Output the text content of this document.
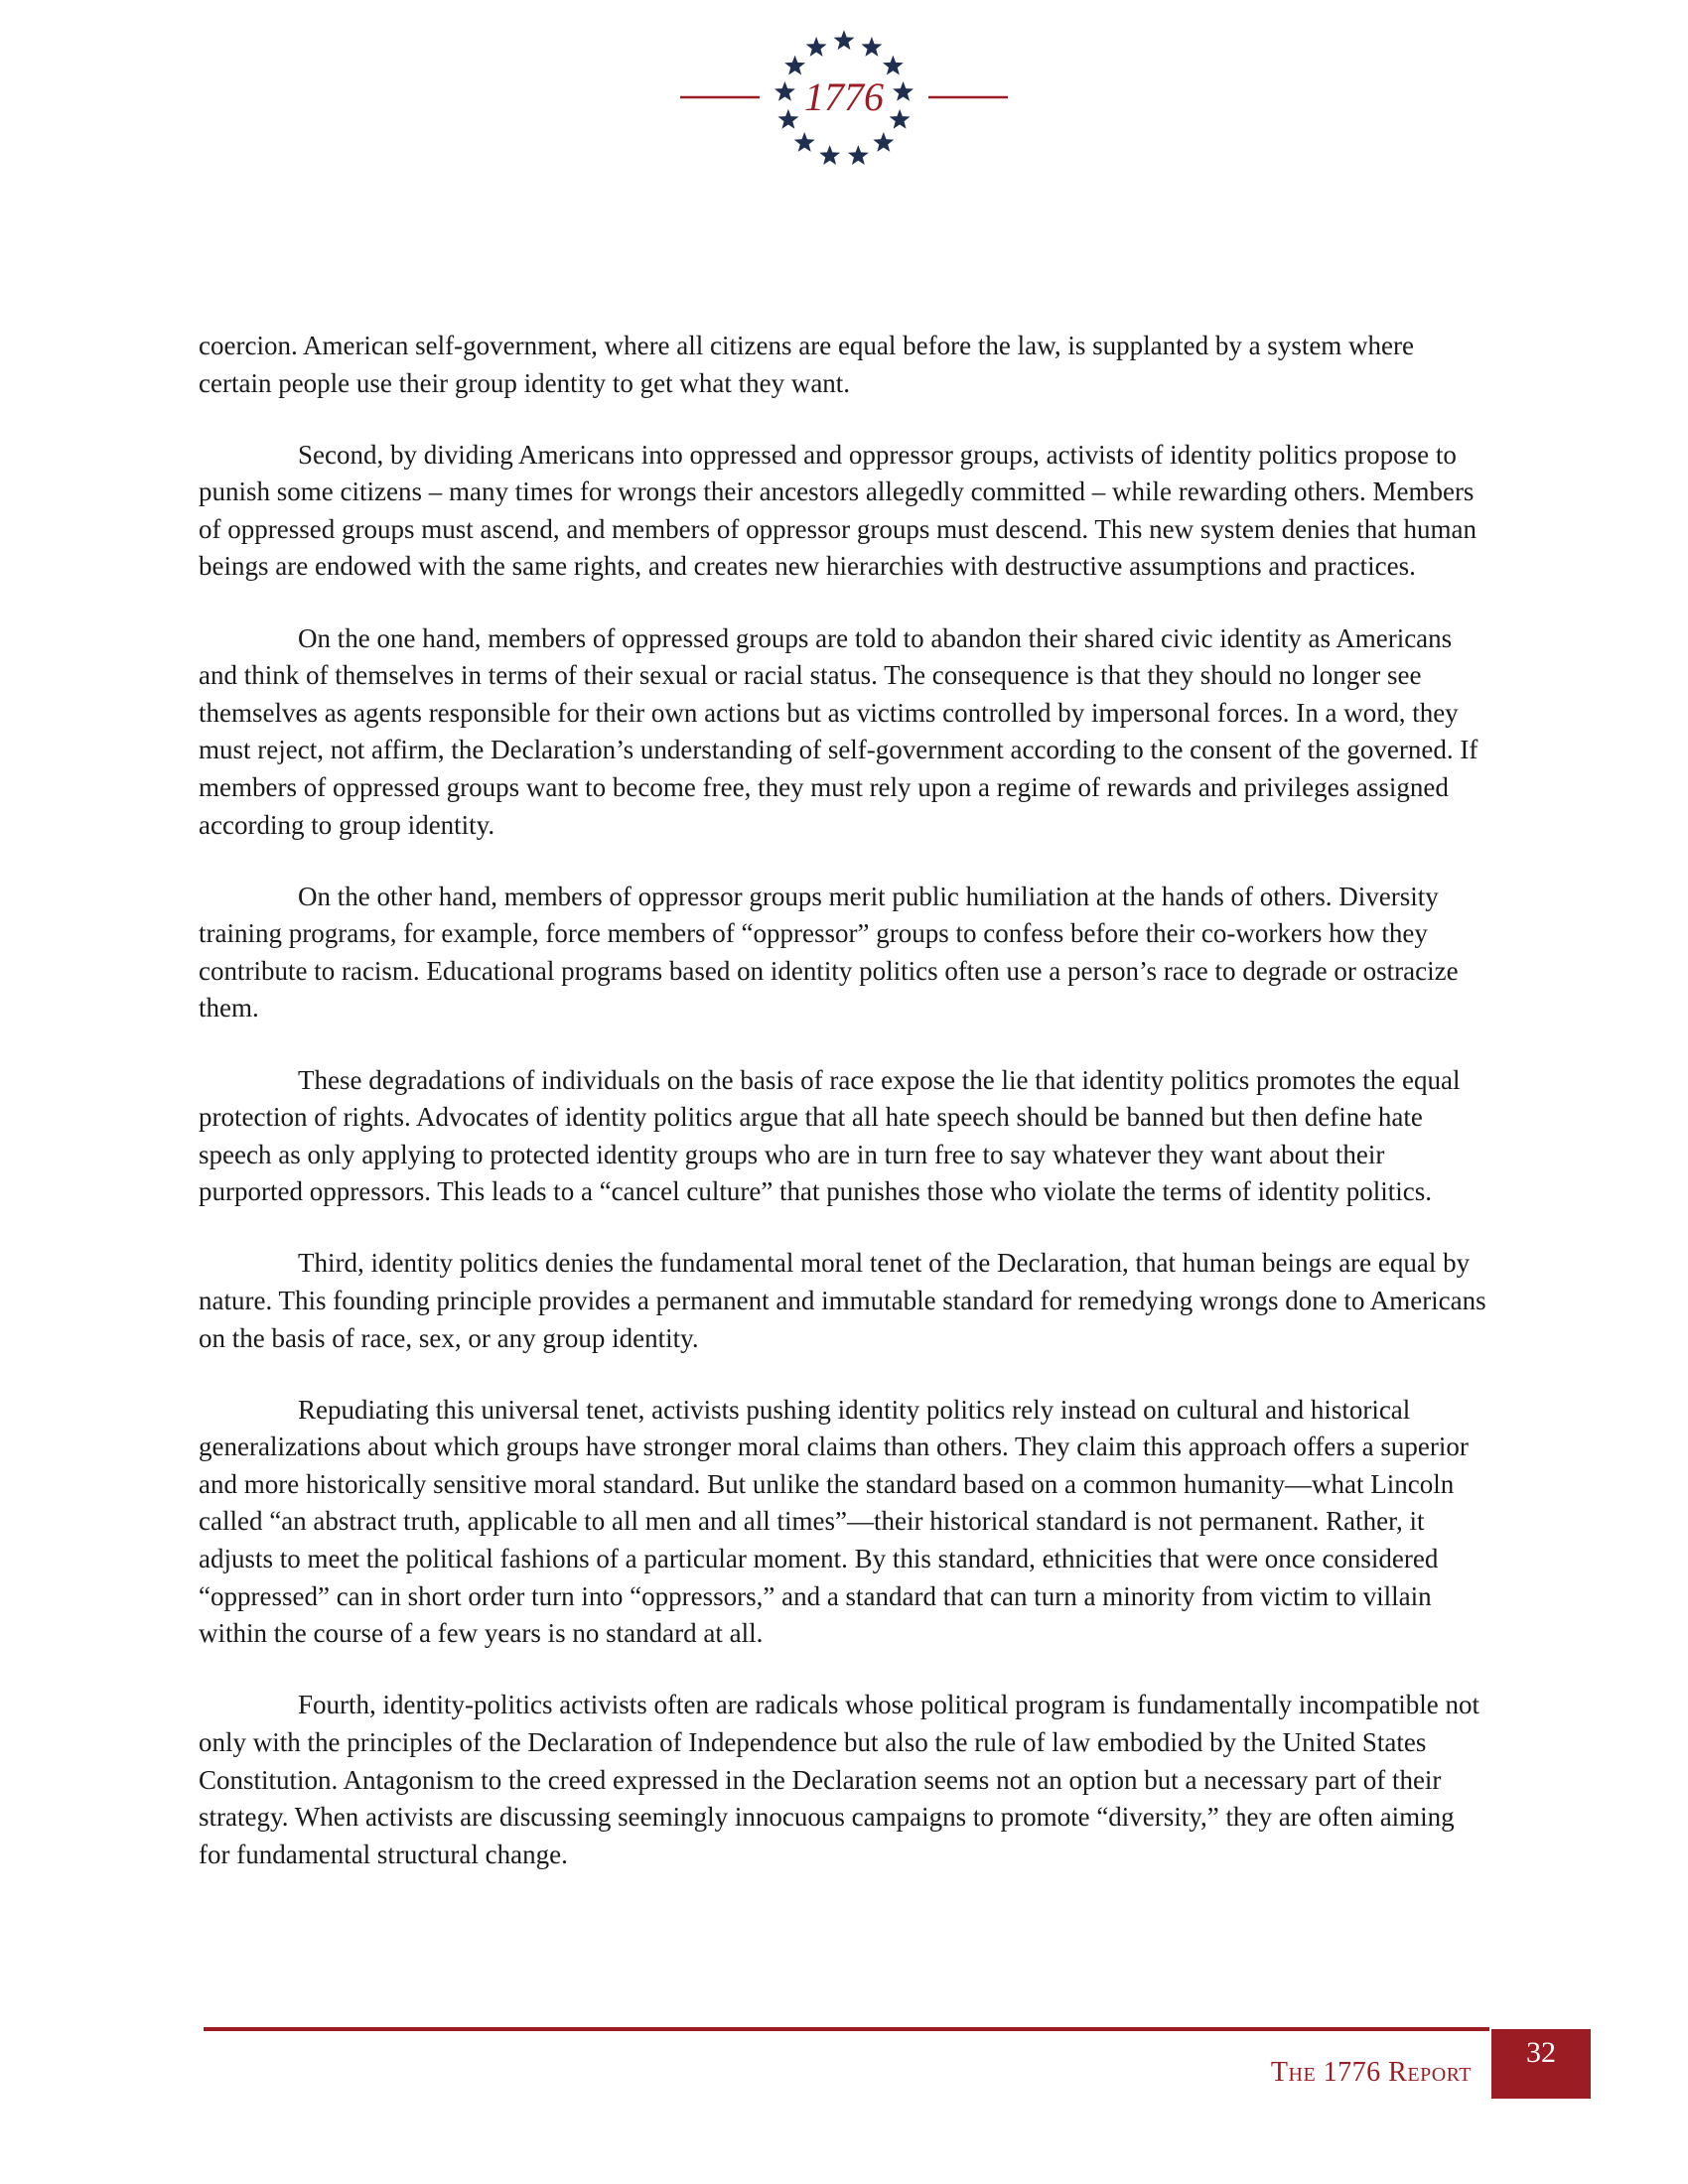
1776

coercion. American self-government, where all citizens are equal before the law, is supplanted by a system where certain people use their group identity to get what they want.

Second, by dividing Americans into oppressed and oppressor groups, activists of identity politics propose to punish some citizens – many times for wrongs their ancestors allegedly committed – while rewarding others. Members of oppressed groups must ascend, and members of oppressor groups must descend. This new system denies that human beings are endowed with the same rights, and creates new hierarchies with destructive assumptions and practices.

On the one hand, members of oppressed groups are told to abandon their shared civic identity as Americans and think of themselves in terms of their sexual or racial status. The consequence is that they should no longer see themselves as agents responsible for their own actions but as victims controlled by impersonal forces. In a word, they must reject, not affirm, the Declaration’s understanding of self-government according to the consent of the governed. If members of oppressed groups want to become free, they must rely upon a regime of rewards and privileges assigned according to group identity.

On the other hand, members of oppressor groups merit public humiliation at the hands of others. Diversity training programs, for example, force members of “oppressor” groups to confess before their co-workers how they contribute to racism. Educational programs based on identity politics often use a person’s race to degrade or ostracize them.

These degradations of individuals on the basis of race expose the lie that identity politics promotes the equal protection of rights. Advocates of identity politics argue that all hate speech should be banned but then define hate speech as only applying to protected identity groups who are in turn free to say whatever they want about their purported oppressors. This leads to a “cancel culture” that punishes those who violate the terms of identity politics.

Third, identity politics denies the fundamental moral tenet of the Declaration, that human beings are equal by nature. This founding principle provides a permanent and immutable standard for remedying wrongs done to Americans on the basis of race, sex, or any group identity.

Repudiating this universal tenet, activists pushing identity politics rely instead on cultural and historical generalizations about which groups have stronger moral claims than others. They claim this approach offers a superior and more historically sensitive moral standard. But unlike the standard based on a common humanity—what Lincoln called “an abstract truth, applicable to all men and all times”—their historical standard is not permanent. Rather, it adjusts to meet the political fashions of a particular moment. By this standard, ethnicities that were once considered “oppressed” can in short order turn into “oppressors,” and a standard that can turn a minority from victim to villain within the course of a few years is no standard at all.

Fourth, identity-politics activists often are radicals whose political program is fundamentally incompatible not only with the principles of the Declaration of Independence but also the rule of law embodied by the United States Constitution. Antagonism to the creed expressed in the Declaration seems not an option but a necessary part of their strategy. When activists are discussing seemingly innocuous campaigns to promote “diversity,” they are often aiming for fundamental structural change.

The 1776 Report
32
